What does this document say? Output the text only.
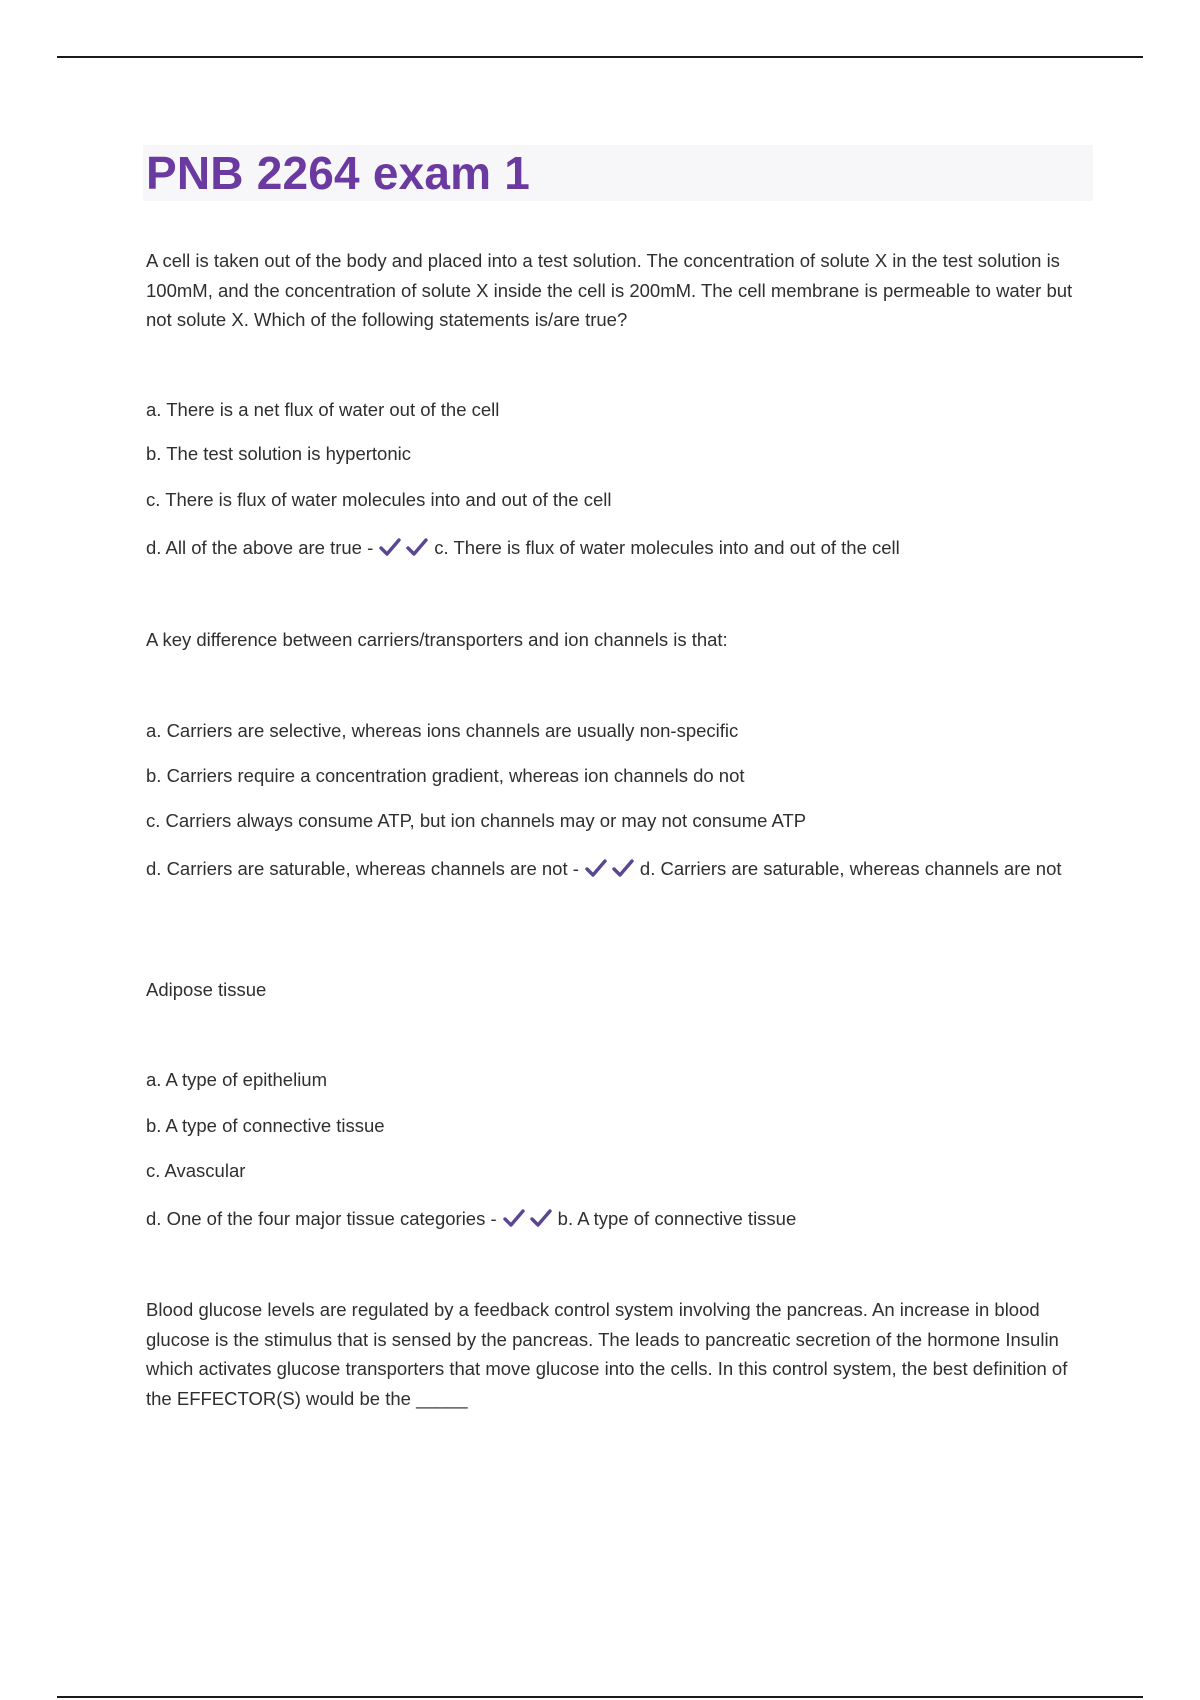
PNB 2264 exam 1

A cell is taken out of the body and placed into a test solution. The concentration of solute X in the test solution is 100mM, and the concentration of solute X inside the cell is 200mM. The cell membrane is permeable to water but not solute X. Which of the following statements is/are true?

a. There is a net flux of water out of the cell

b. The test solution is hypertonic

c. There is flux of water molecules into and out of the cell

d. All of the above are true -	c. There is flux of water molecules into and out of the cell

A key difference between carriers/transporters and ion channels is that:

a. Carriers are selective, whereas ions channels are usually non-specific

b. Carriers require a concentration gradient, whereas ion channels do not

c. Carriers always consume ATP, but ion channels may or may not consume ATP

d. Carriers are saturable, whereas channels are not -	d. Carriers are saturable, whereas channels are not

Adipose tissue

a. A type of epithelium

b. A type of connective tissue

c. Avascular

d. One of the four major tissue categories -	b. A type of connective tissue

Blood glucose levels are regulated by a feedback control system involving the pancreas. An increase in blood glucose is the stimulus that is sensed by the pancreas. The leads to pancreatic secretion of the hormone Insulin which activates glucose transporters that move glucose into the cells. In this control system, the best definition of the EFFECTOR(S) would be the _____
